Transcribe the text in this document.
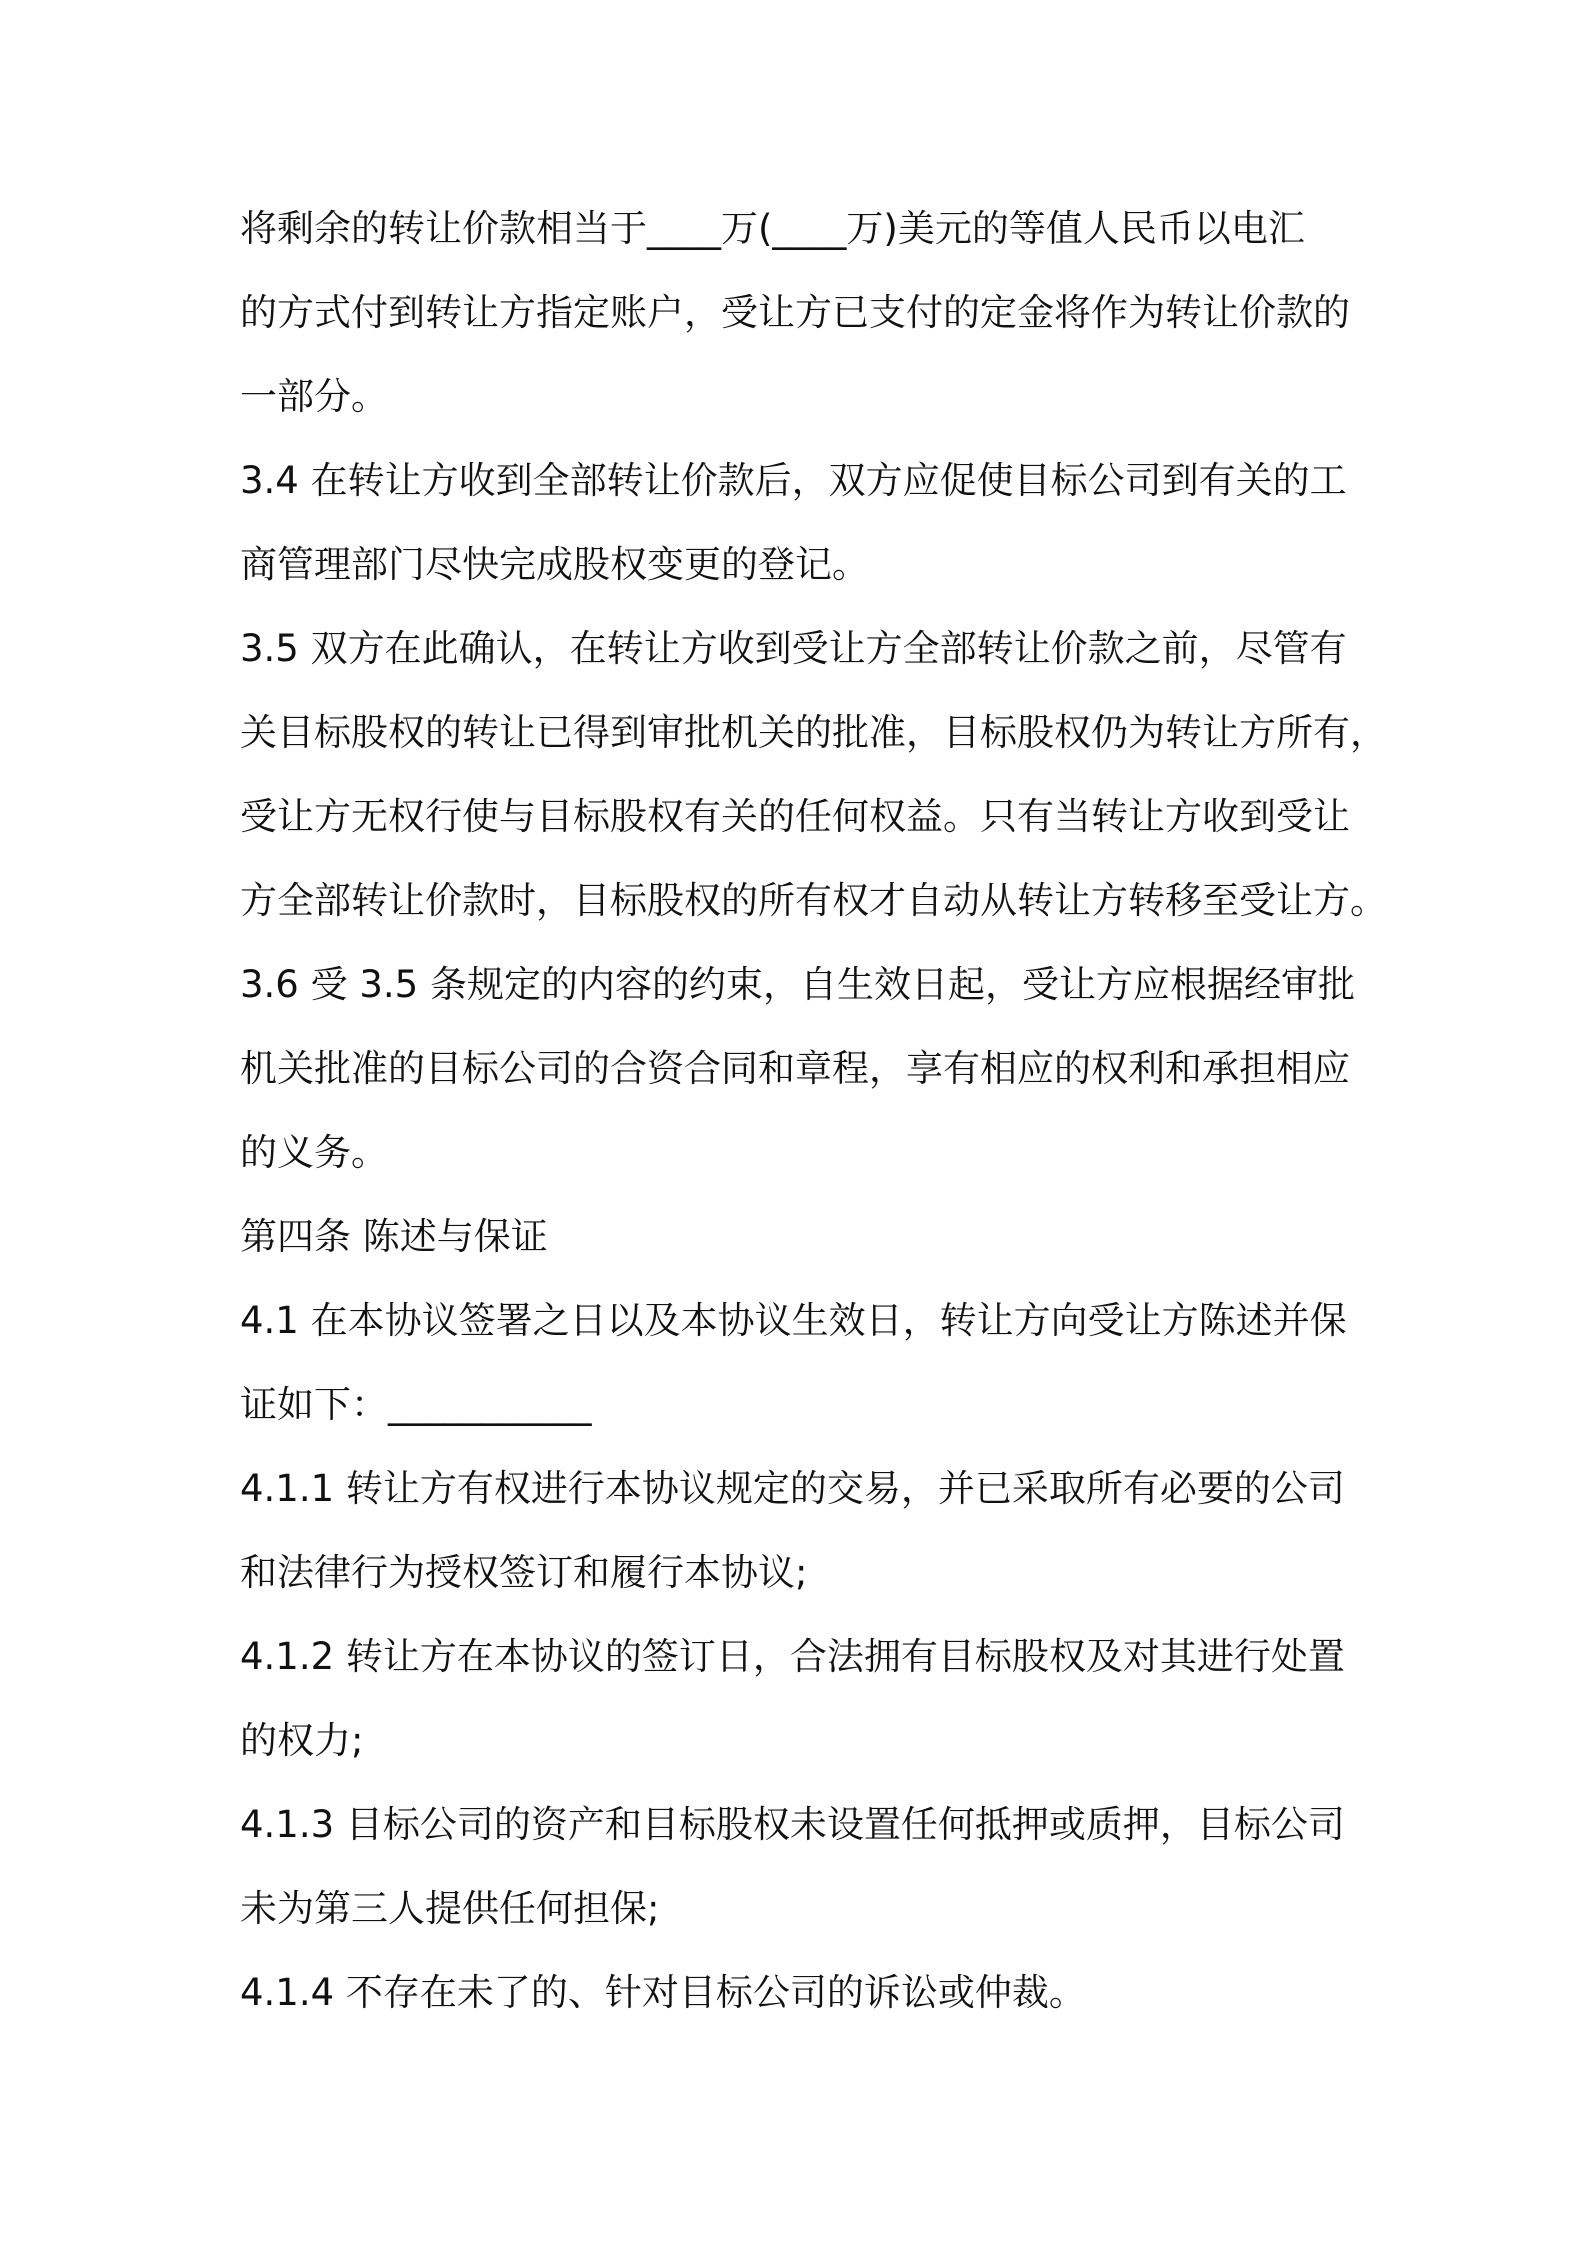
将剩余的转让价款相当于____万(____万)美元的等值人民币以电汇
的方式付到转让方指定账户，受让方已支付的定金将作为转让价款的
一部分。
3.4 在转让方收到全部转让价款后，双方应促使目标公司到有关的工
商管理部门尽快完成股权变更的登记。
3.5 双方在此确认，在转让方收到受让方全部转让价款之前，尽管有
关目标股权的转让已得到审批机关的批准，目标股权仍为转让方所有，
受让方无权行使与目标股权有关的任何权益。只有当转让方收到受让
方全部转让价款时，目标股权的所有权才自动从转让方转移至受让方。
3.6 受 3.5 条规定的内容的约束，自生效日起，受让方应根据经审批
机关批准的目标公司的合资合同和章程，享有相应的权利和承担相应
的义务。
第四条 陈述与保证
4.1 在本协议签署之日以及本协议生效日，转让方向受让方陈述并保
证如下：___________
4.1.1 转让方有权进行本协议规定的交易，并已采取所有必要的公司
和法律行为授权签订和履行本协议;
4.1.2 转让方在本协议的签订日，合法拥有目标股权及对其进行处置
的权力;
4.1.3 目标公司的资产和目标股权未设置任何抵押或质押，目标公司
未为第三人提供任何担保;
4.1.4 不存在未了的、针对目标公司的诉讼或仲裁。
